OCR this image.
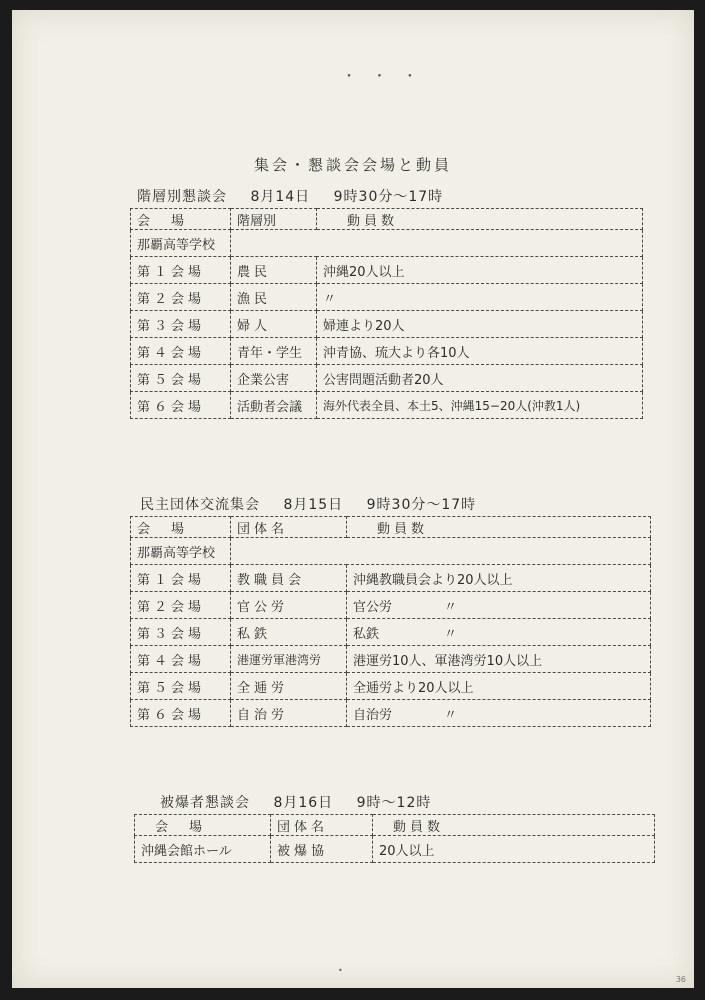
・ ・ ・
集会・懇談会会場と動員
階層別懇談会 8月14日 9時30分～17時
会　場	階層別	動員数
那覇高等学校		
第１会場	農民	沖縄20人以上
第２会場	漁民	〃
第３会場	婦人	婦連より20人
第４会場	青年・学生	沖青協、琉大より各10人
第５会場	企業公害	公害問題活動者20人
第６会場	活動者会議	海外代表全員、本土5、沖縄15−20人(沖教1人)
民主団体交流集会 8月15日 9時30分～17時
会　場	団体名	動員数
那覇高等学校		
第１会場	教職員会	沖縄教職員会より20人以上
第２会場	官公労	官公労　　　　〃
第３会場	私鉄	私鉄　　　　　〃
第４会場	港運労軍港湾労	港運労10人、軍港湾労10人以上
第５会場	全逓労	全逓労より20人以上
第６会場	自治労	自治労　　　　〃
被爆者懇談会 8月16日 9時～12時
会　場	団体名	動員数
沖縄会館ホール	被爆協	20人以上
•
36
